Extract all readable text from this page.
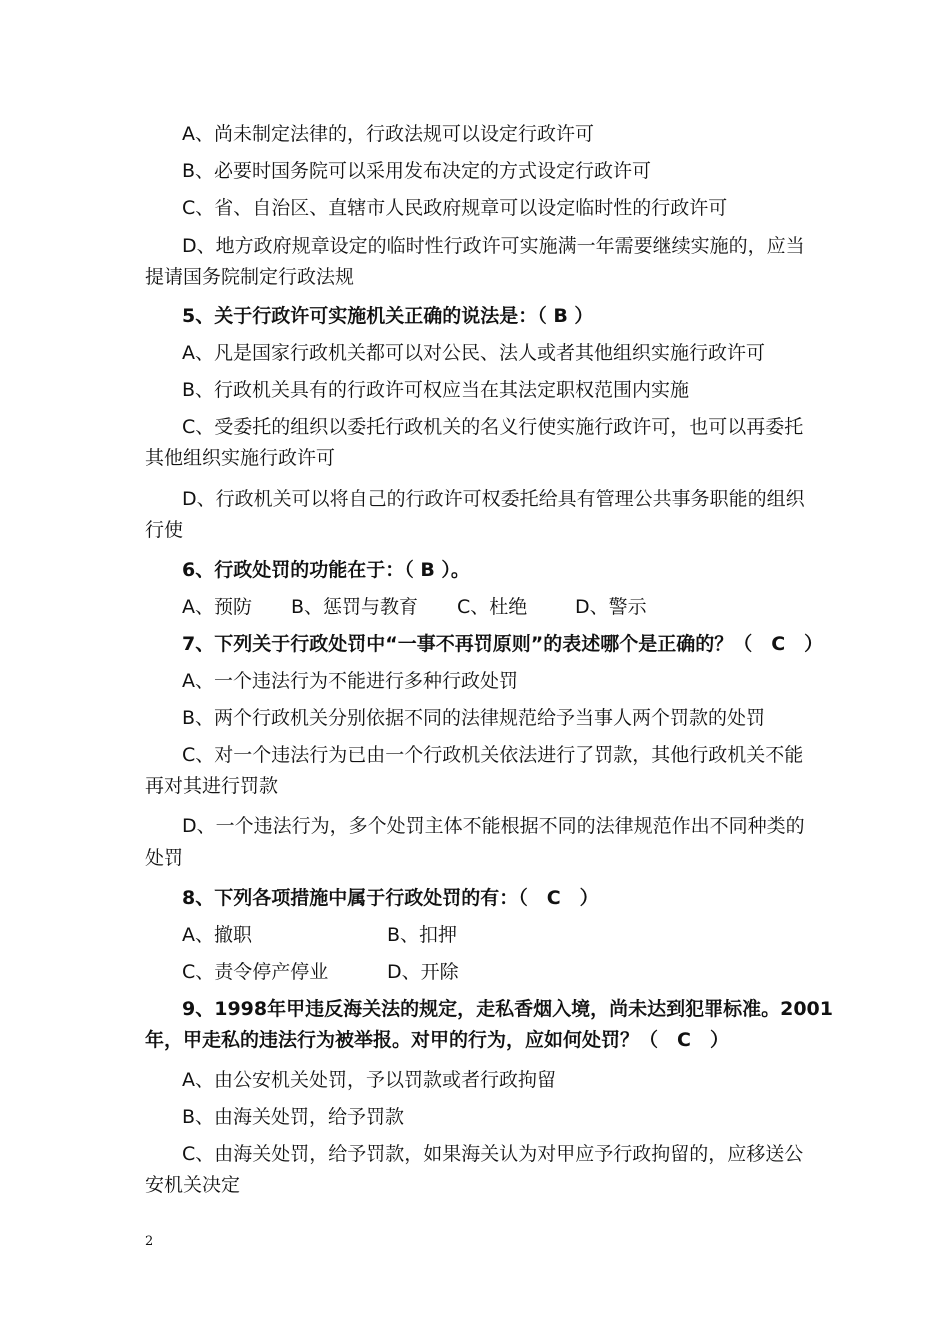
A、尚未制定法律的，行政法规可以设定行政许可
B、必要时国务院可以采用发布决定的方式设定行政许可
C、省、自治区、直辖市人民政府规章可以设定临时性的行政许可
D、地方政府规章设定的临时性行政许可实施满一年需要继续实施的，应当
提请国务院制定行政法规
5、关于行政许可实施机关正确的说法是：（ B ）
A、凡是国家行政机关都可以对公民、法人或者其他组织实施行政许可
B、行政机关具有的行政许可权应当在其法定职权范围内实施
C、受委托的组织以委托行政机关的名义行使实施行政许可，也可以再委托
其他组织实施行政许可
D、行政机关可以将自己的行政许可权委托给具有管理公共事务职能的组织
行使
6、行政处罚的功能在于：（ B ）。
A、预防 B、惩罚与教育 C、杜绝	D、警示
7、下列关于行政处罚中“一事不再罚原则”的表述哪个是正确的？（　C　）
A、一个违法行为不能进行多种行政处罚
B、两个行政机关分别依据不同的法律规范给予当事人两个罚款的处罚
C、对一个违法行为已由一个行政机关依法进行了罚款，其他行政机关不能
再对其进行罚款
D、一个违法行为，多个处罚主体不能根据不同的法律规范作出不同种类的
处罚
8、下列各项措施中属于行政处罚的有：（　C　）
A、撤职	B、扣押
C、责令停产停业	D、开除
9、1998年甲违反海关法的规定，走私香烟入境，尚未达到犯罪标准。2001
年，甲走私的违法行为被举报。对甲的行为，应如何处罚？（　C　）
A、由公安机关处罚，予以罚款或者行政拘留
B、由海关处罚，给予罚款
C、由海关处罚，给予罚款，如果海关认为对甲应予行政拘留的，应移送公
安机关决定
2
